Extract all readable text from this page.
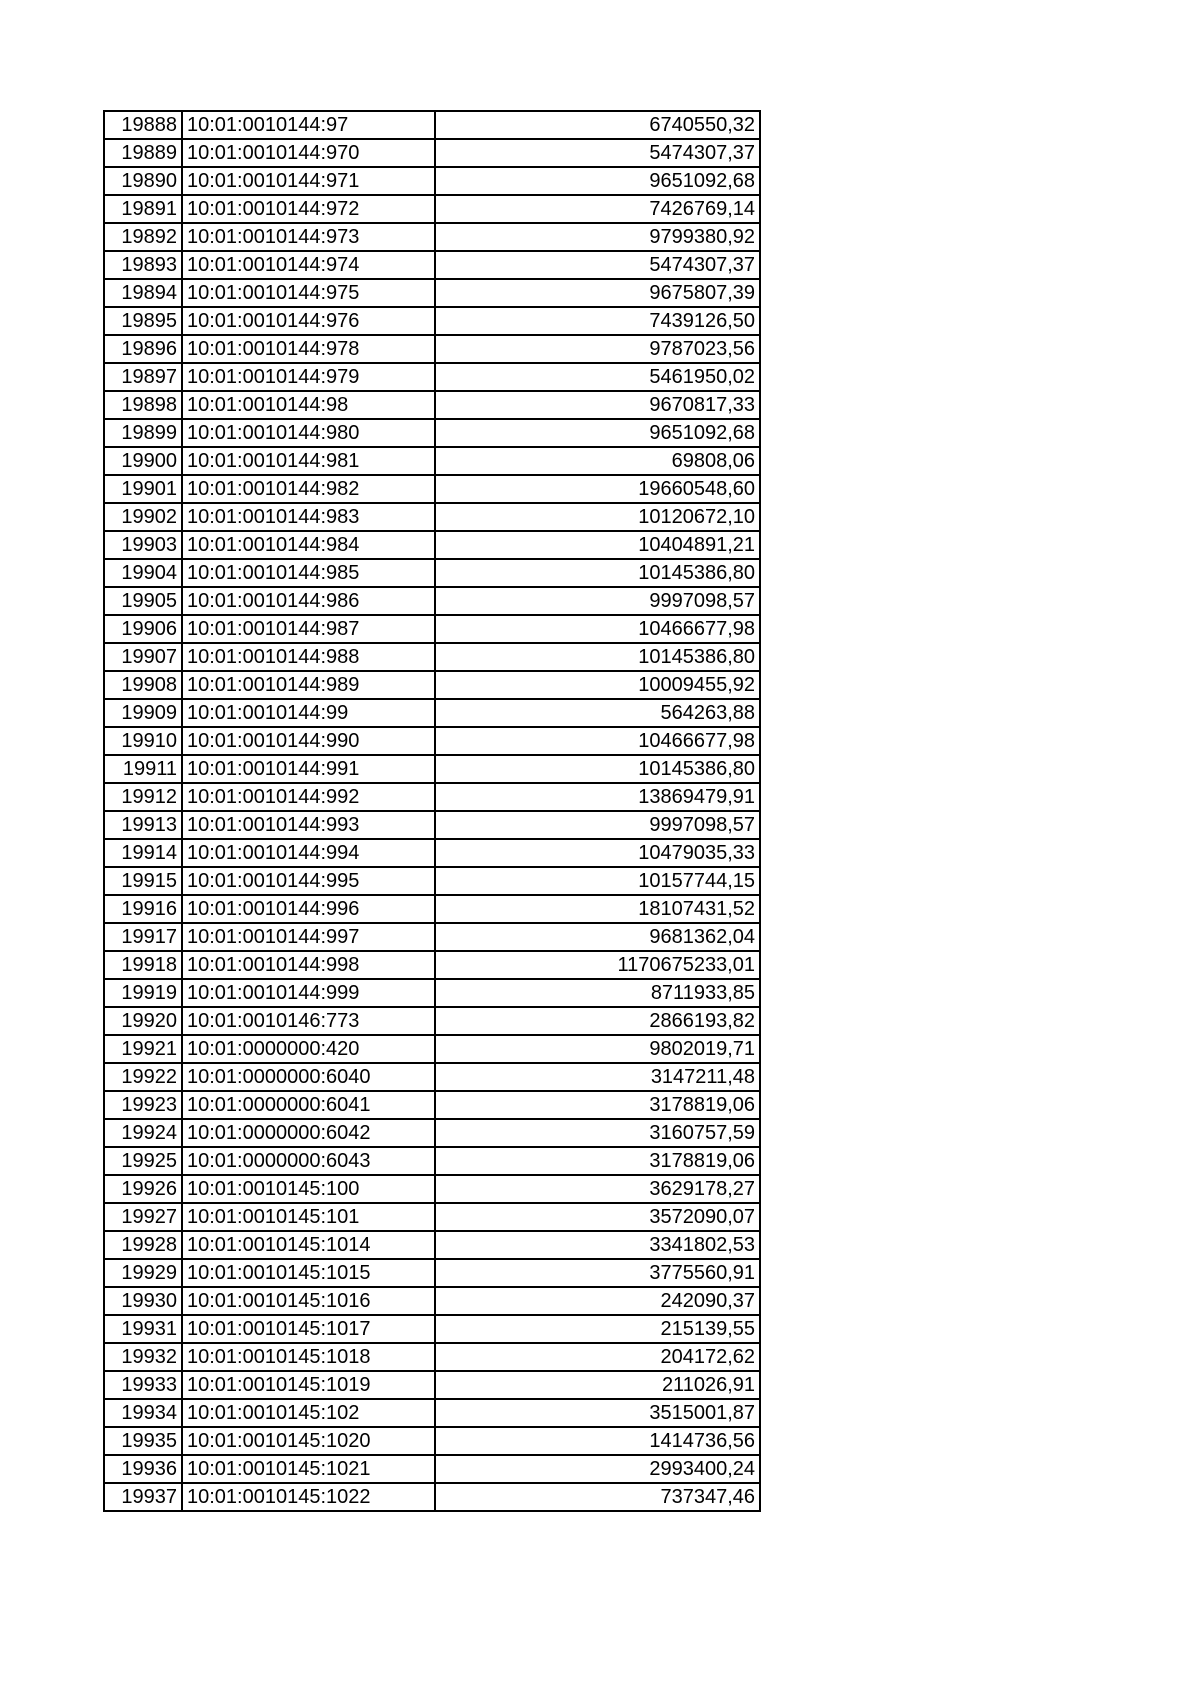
19888	10:01:0010144:97	6740550,32
19889	10:01:0010144:970	5474307,37
19890	10:01:0010144:971	9651092,68
19891	10:01:0010144:972	7426769,14
19892	10:01:0010144:973	9799380,92
19893	10:01:0010144:974	5474307,37
19894	10:01:0010144:975	9675807,39
19895	10:01:0010144:976	7439126,50
19896	10:01:0010144:978	9787023,56
19897	10:01:0010144:979	5461950,02
19898	10:01:0010144:98	9670817,33
19899	10:01:0010144:980	9651092,68
19900	10:01:0010144:981	69808,06
19901	10:01:0010144:982	19660548,60
19902	10:01:0010144:983	10120672,10
19903	10:01:0010144:984	10404891,21
19904	10:01:0010144:985	10145386,80
19905	10:01:0010144:986	9997098,57
19906	10:01:0010144:987	10466677,98
19907	10:01:0010144:988	10145386,80
19908	10:01:0010144:989	10009455,92
19909	10:01:0010144:99	564263,88
19910	10:01:0010144:990	10466677,98
19911	10:01:0010144:991	10145386,80
19912	10:01:0010144:992	13869479,91
19913	10:01:0010144:993	9997098,57
19914	10:01:0010144:994	10479035,33
19915	10:01:0010144:995	10157744,15
19916	10:01:0010144:996	18107431,52
19917	10:01:0010144:997	9681362,04
19918	10:01:0010144:998	1170675233,01
19919	10:01:0010144:999	8711933,85
19920	10:01:0010146:773	2866193,82
19921	10:01:0000000:420	9802019,71
19922	10:01:0000000:6040	3147211,48
19923	10:01:0000000:6041	3178819,06
19924	10:01:0000000:6042	3160757,59
19925	10:01:0000000:6043	3178819,06
19926	10:01:0010145:100	3629178,27
19927	10:01:0010145:101	3572090,07
19928	10:01:0010145:1014	3341802,53
19929	10:01:0010145:1015	3775560,91
19930	10:01:0010145:1016	242090,37
19931	10:01:0010145:1017	215139,55
19932	10:01:0010145:1018	204172,62
19933	10:01:0010145:1019	211026,91
19934	10:01:0010145:102	3515001,87
19935	10:01:0010145:1020	1414736,56
19936	10:01:0010145:1021	2993400,24
19937	10:01:0010145:1022	737347,46
